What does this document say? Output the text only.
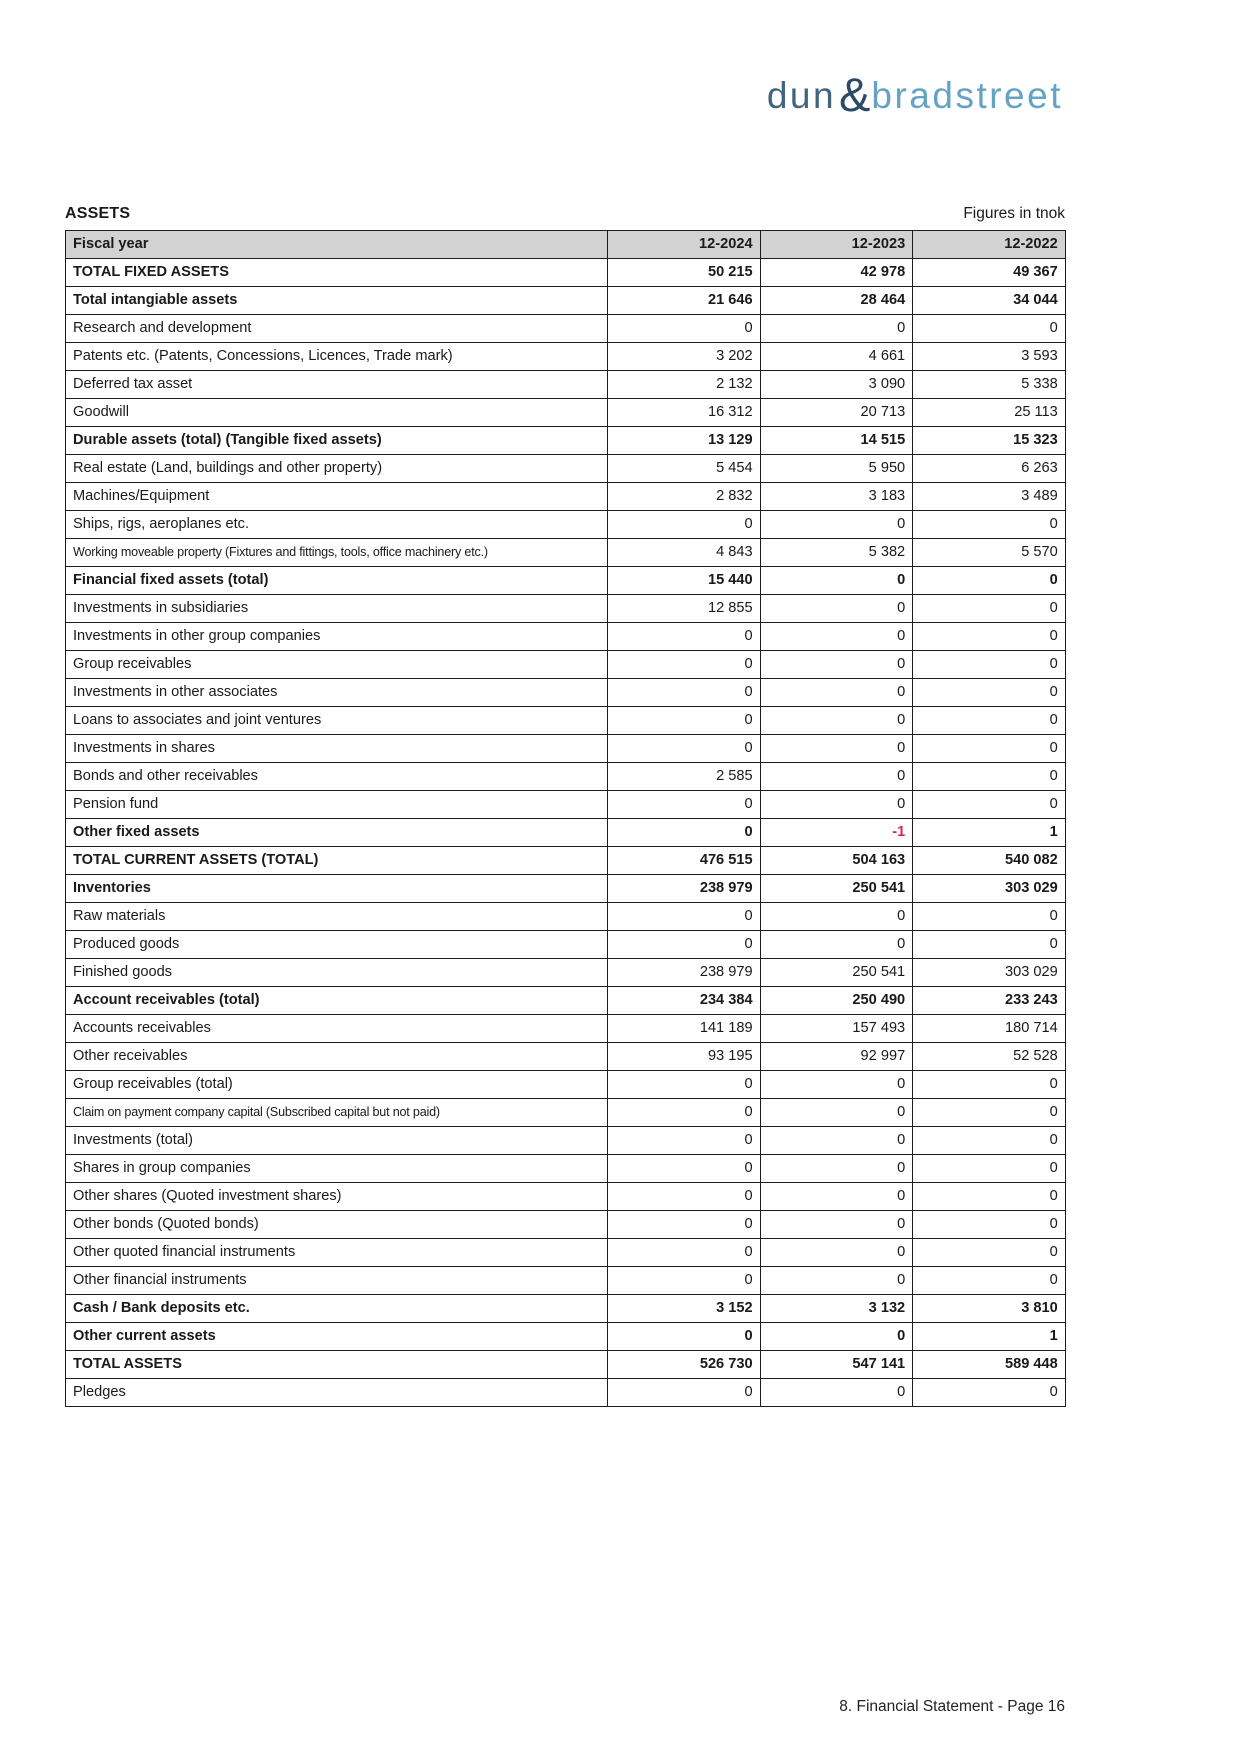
dun & bradstreet
ASSETS	Figures in tnok
Fiscal year	12-2024	12-2023	12-2022
TOTAL FIXED ASSETS	50 215	42 978	49 367
Total intangiable assets	21 646	28 464	34 044
Research and development	0	0	0
Patents etc. (Patents, Concessions, Licences, Trade mark)	3 202	4 661	3 593
Deferred tax asset	2 132	3 090	5 338
Goodwill	16 312	20 713	25 113
Durable assets (total) (Tangible fixed assets)	13 129	14 515	15 323
Real estate (Land, buildings and other property)	5 454	5 950	6 263
Machines/Equipment	2 832	3 183	3 489
Ships, rigs, aeroplanes etc.	0	0	0
Working moveable property (Fixtures and fittings, tools, office machinery etc.)	4 843	5 382	5 570
Financial fixed assets (total)	15 440	0	0
Investments in subsidiaries	12 855	0	0
Investments in other group companies	0	0	0
Group receivables	0	0	0
Investments in other associates	0	0	0
Loans to associates and joint ventures	0	0	0
Investments in shares	0	0	0
Bonds and other receivables	2 585	0	0
Pension fund	0	0	0
Other fixed assets	0	-1	1
TOTAL CURRENT ASSETS (TOTAL)	476 515	504 163	540 082
Inventories	238 979	250 541	303 029
Raw materials	0	0	0
Produced goods	0	0	0
Finished goods	238 979	250 541	303 029
Account receivables (total)	234 384	250 490	233 243
Accounts receivables	141 189	157 493	180 714
Other receivables	93 195	92 997	52 528
Group receivables (total)	0	0	0
Claim on payment company capital (Subscribed capital but not paid)	0	0	0
Investments (total)	0	0	0
Shares in group companies	0	0	0
Other shares (Quoted investment shares)	0	0	0
Other bonds (Quoted bonds)	0	0	0
Other quoted financial instruments	0	0	0
Other financial instruments	0	0	0
Cash / Bank deposits etc.	3 152	3 132	3 810
Other current assets	0	0	1
TOTAL ASSETS	526 730	547 141	589 448
Pledges	0	0	0
8. Financial Statement - Page 16
